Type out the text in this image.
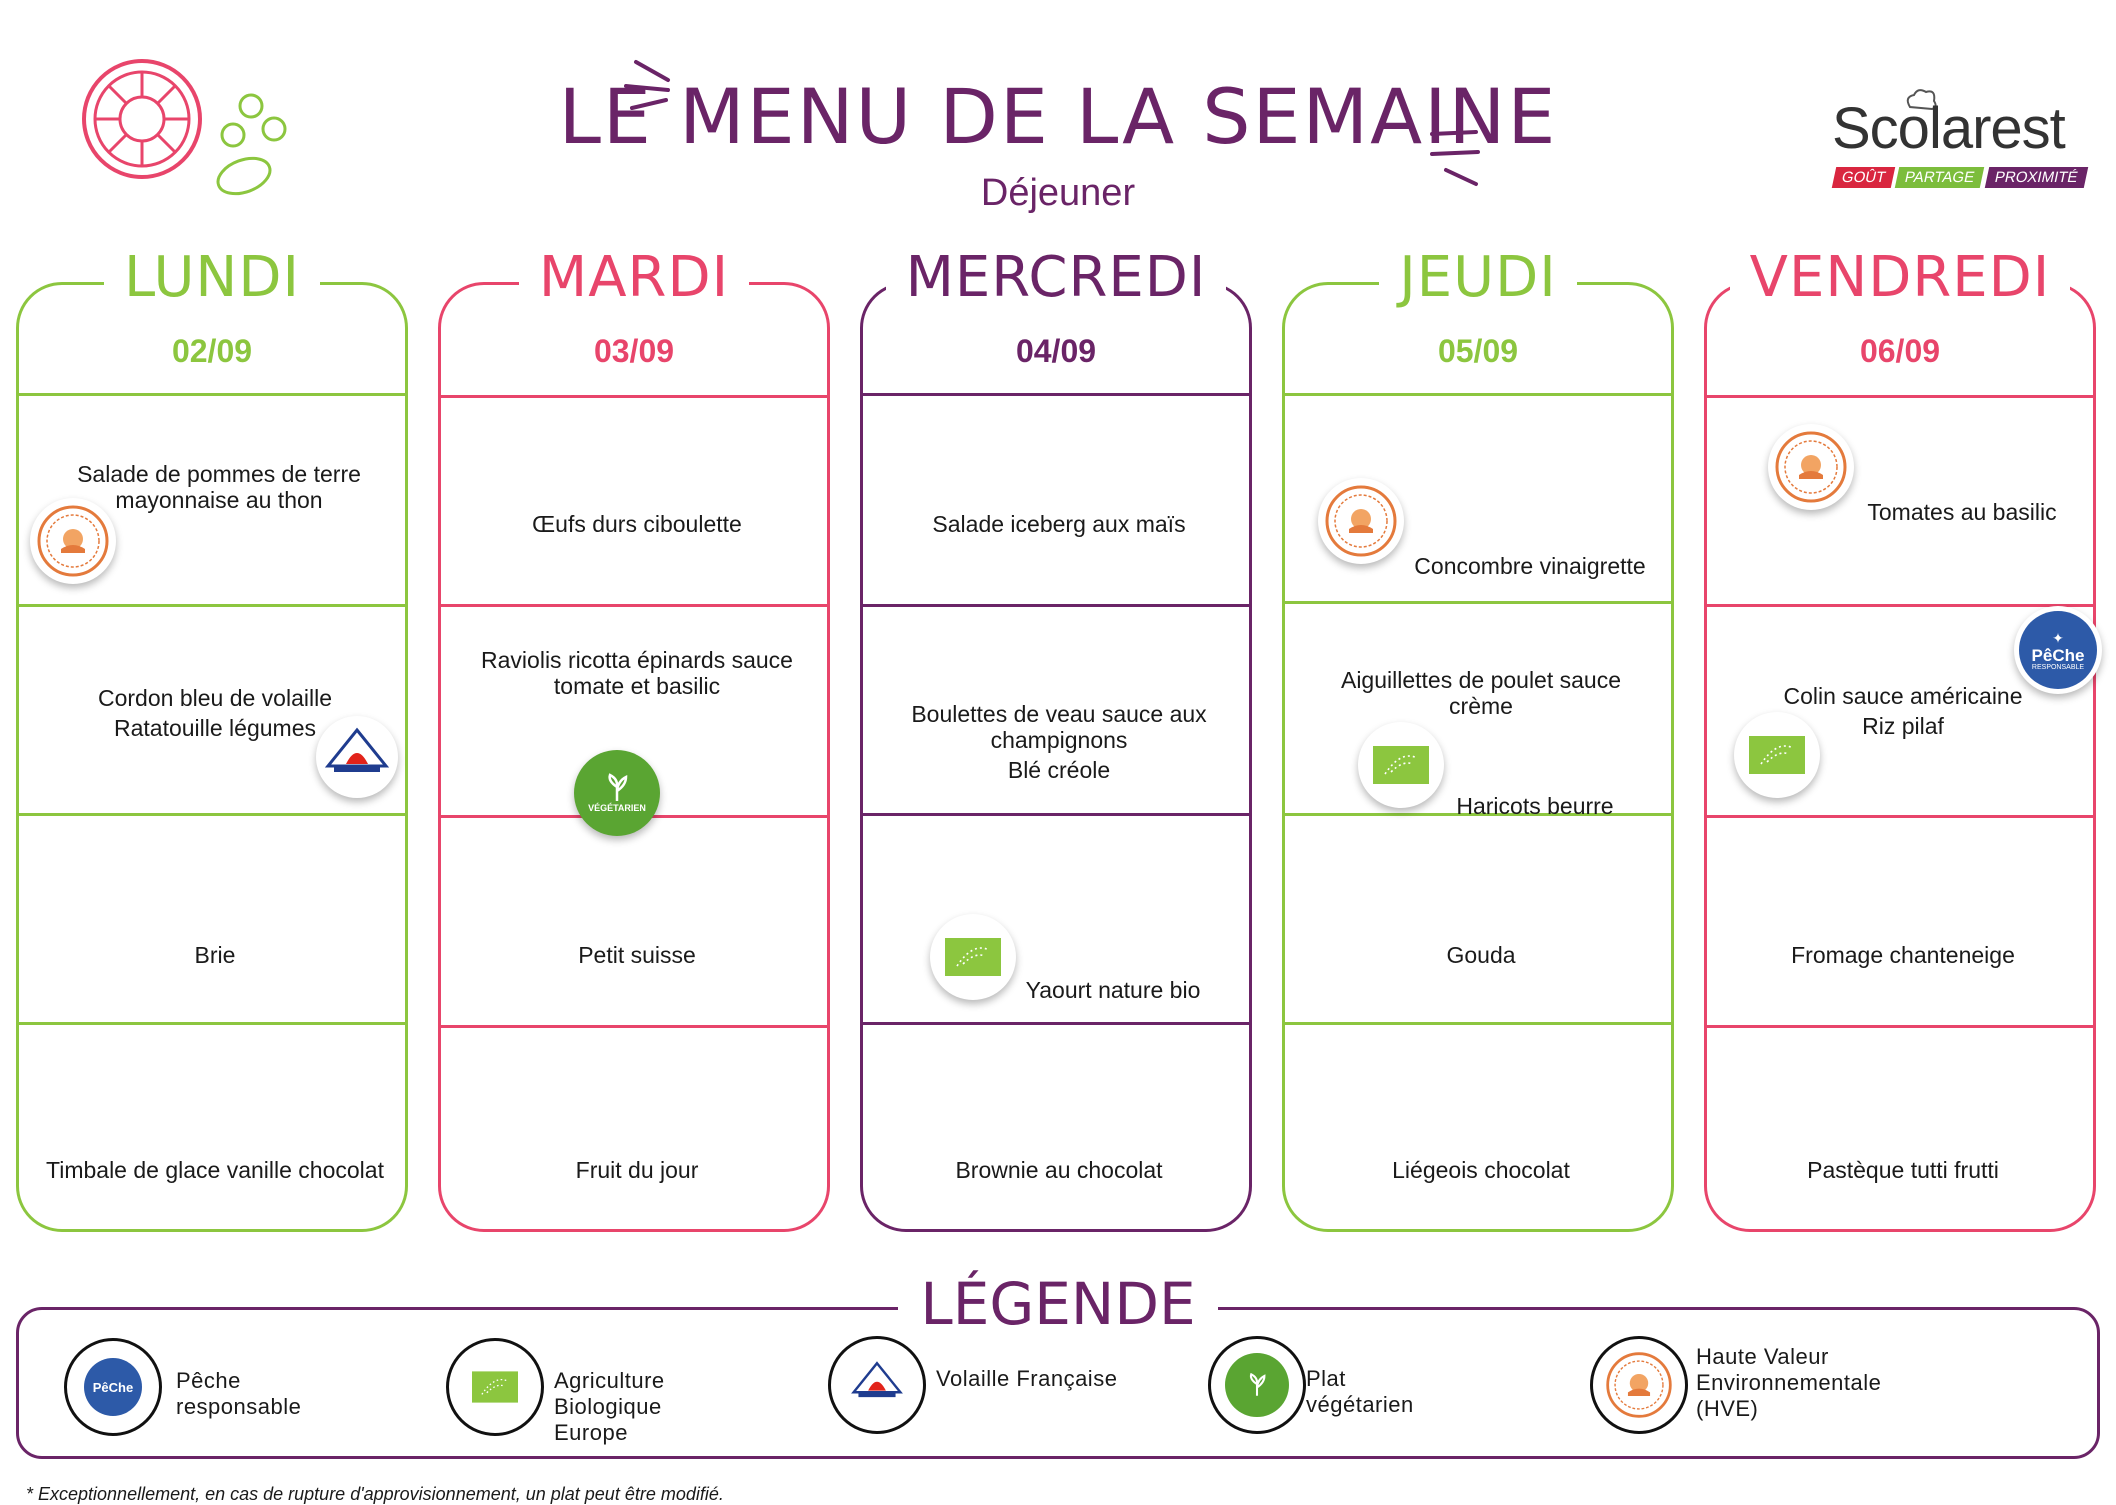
LE MENU DE LA SEMAINE
Déjeuner
Scolarest
GOÛT	PARTAGE	PROXIMITÉ
LUNDI
02/09
Salade de pommes de terre mayonnaise au thon
Cordon bleu de volaille
Ratatouille légumes
Brie
Timbale de glace vanille chocolat
MARDI
03/09
Œufs durs ciboulette
Raviolis ricotta épinards sauce tomate et basilic
Petit suisse
Fruit du jour
MERCREDI
04/09
Salade iceberg aux maïs
Boulettes de veau sauce aux champignons
Blé créole
Yaourt nature bio
Brownie au chocolat
JEUDI
05/09
Concombre vinaigrette
Aiguillettes de poulet sauce crème
Haricots beurre
Gouda
Liégeois chocolat
VENDREDI
06/09
Tomates au basilic
Colin sauce américaine
Riz pilaf
Fromage chanteneige
Pastèque tutti frutti
VÉGÉTARIEN
✦
PêChe
RESPONSABLE
LÉGENDE
PêChe	Pêche
responsable
Agriculture
Biologique
Europe
Volaille Française	Plat
végétarien
Haute Valeur
Environnementale
(HVE)
* Exceptionnellement, en cas de rupture d'approvisionnement, un plat peut être modifié.
